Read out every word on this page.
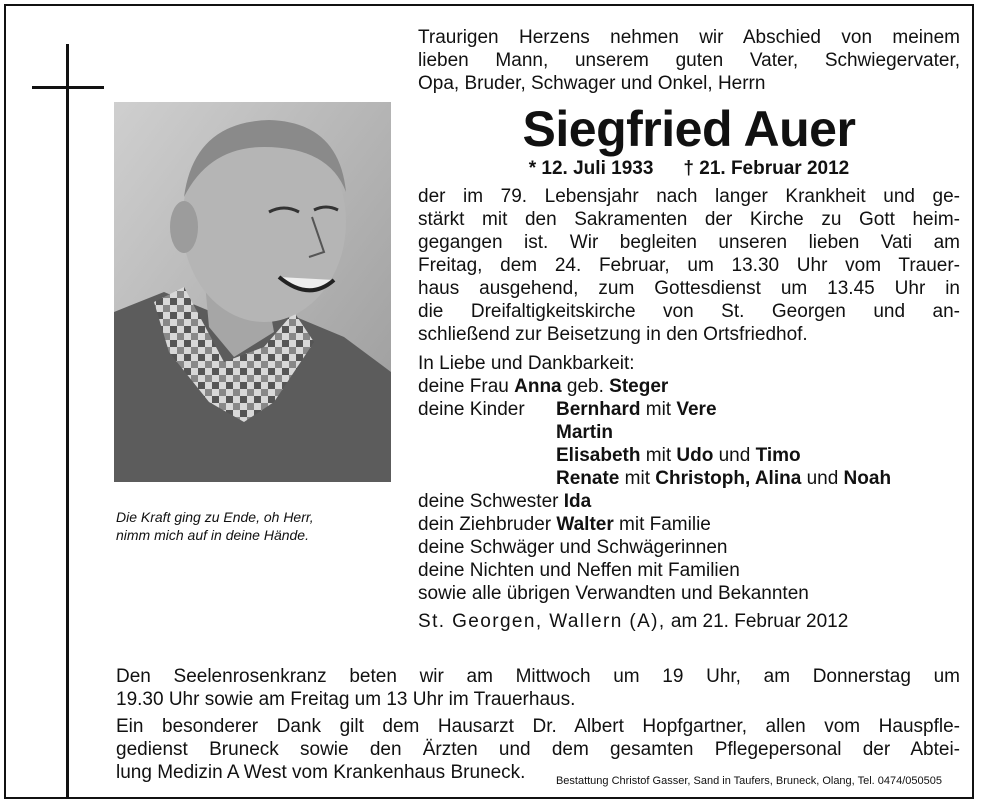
Die Kraft ging zu Ende, oh Herr,
nimm mich auf in deine Hände.
Traurigen Herzens nehmen wir Abschied von meinem
lieben Mann, unserem guten Vater, Schwiegervater,
Opa, Bruder, Schwager und Onkel, Herrn
Siegfried Auer
* 12. Juli 1933 † 21. Februar 2012
der im 79. Lebensjahr nach langer Krankheit und ge-
stärkt mit den Sakramenten der Kirche zu Gott heim-
gegangen ist. Wir begleiten unseren lieben Vati am
Freitag, dem 24. Februar, um 13.30 Uhr vom Trauer-
haus ausgehend, zum Gottesdienst um 13.45 Uhr in
die Dreifaltigkeitskirche von St. Georgen und an-
schließend zur Beisetzung in den Ortsfriedhof.
In Liebe und Dankbarkeit:
deine Frau Anna geb. Steger
deine Kinder Bernhard mit Vere
Martin
Elisabeth mit Udo und Timo
Renate mit Christoph, Alina und Noah
deine Schwester Ida
dein Ziehbruder Walter mit Familie
deine Schwäger und Schwägerinnen
deine Nichten und Neffen mit Familien
sowie alle übrigen Verwandten und Bekannten
St. Georgen, Wallern (A), am 21. Februar 2012
Den Seelenrosenkranz beten wir am Mittwoch um 19 Uhr, am Donnerstag um
19.30 Uhr sowie am Freitag um 13 Uhr im Trauerhaus.
Ein besonderer Dank gilt dem Hausarzt Dr. Albert Hopfgartner, allen vom Hauspfle-
gedienst Bruneck sowie den Ärzten und dem gesamten Pflegepersonal der Abtei-
lung Medizin A West vom Krankenhaus Bruneck.	Bestattung Christof Gasser, Sand in Taufers, Bruneck, Olang, Tel. 0474/050505
